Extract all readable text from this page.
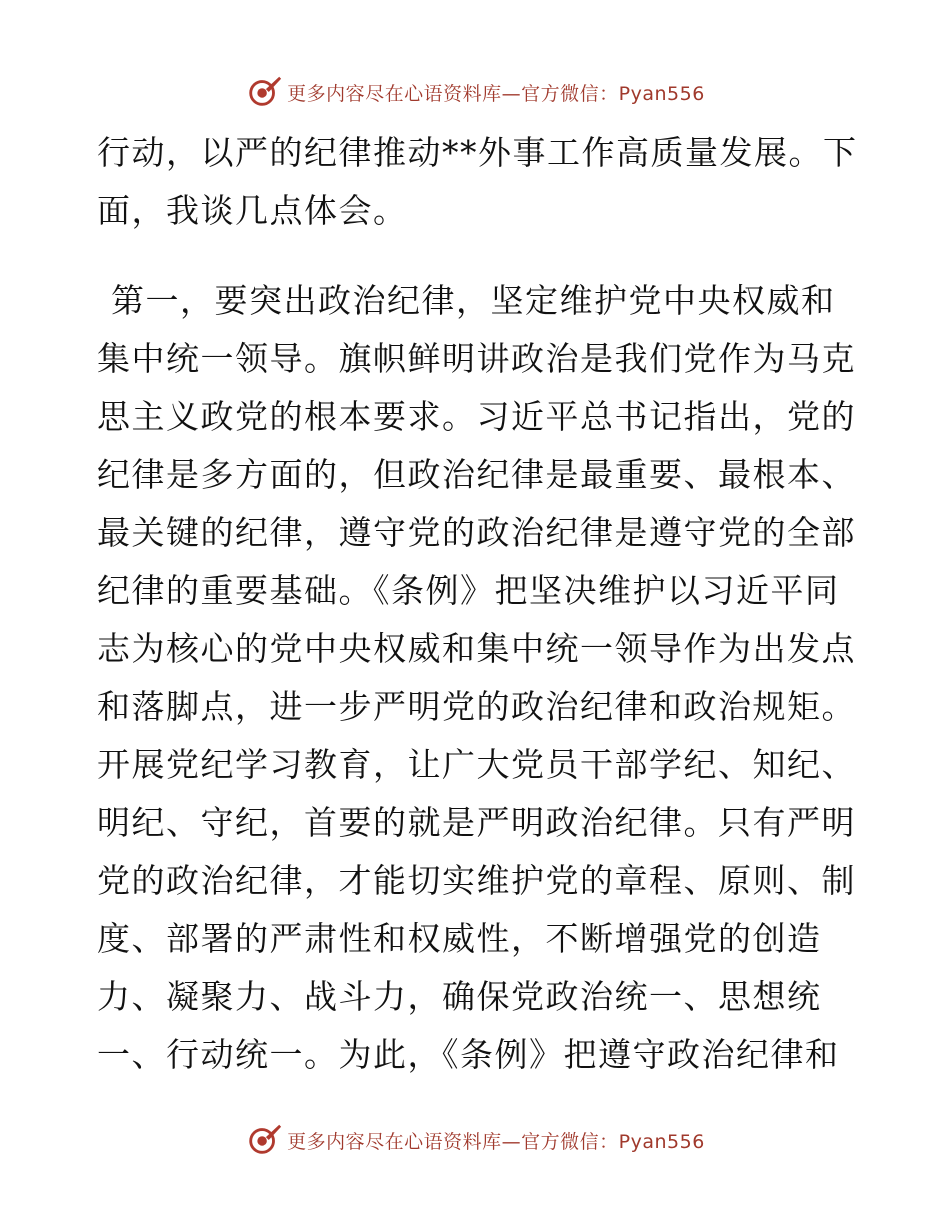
更多内容尽在心语资料库—官方微信：Pyan556
行动，以严的纪律推动**外事工作高质量发展。下
面，我谈几点体会。
第一，要突出政治纪律，坚定维护党中央权威和
集中统一领导。旗帜鲜明讲政治是我们党作为马克
思主义政党的根本要求。习近平总书记指出，党的
纪律是多方面的，但政治纪律是最重要、最根本、
最关键的纪律，遵守党的政治纪律是遵守党的全部
纪律的重要基础。《条例》把坚决维护以习近平同
志为核心的党中央权威和集中统一领导作为出发点
和落脚点，进一步严明党的政治纪律和政治规矩。
开展党纪学习教育，让广大党员干部学纪、知纪、
明纪、守纪，首要的就是严明政治纪律。只有严明
党的政治纪律，才能切实维护党的章程、原则、制
度、部署的严肃性和权威性，不断增强党的创造
力、凝聚力、战斗力，确保党政治统一、思想统
一、行动统一。为此，《条例》把遵守政治纪律和
更多内容尽在心语资料库—官方微信：Pyan556
